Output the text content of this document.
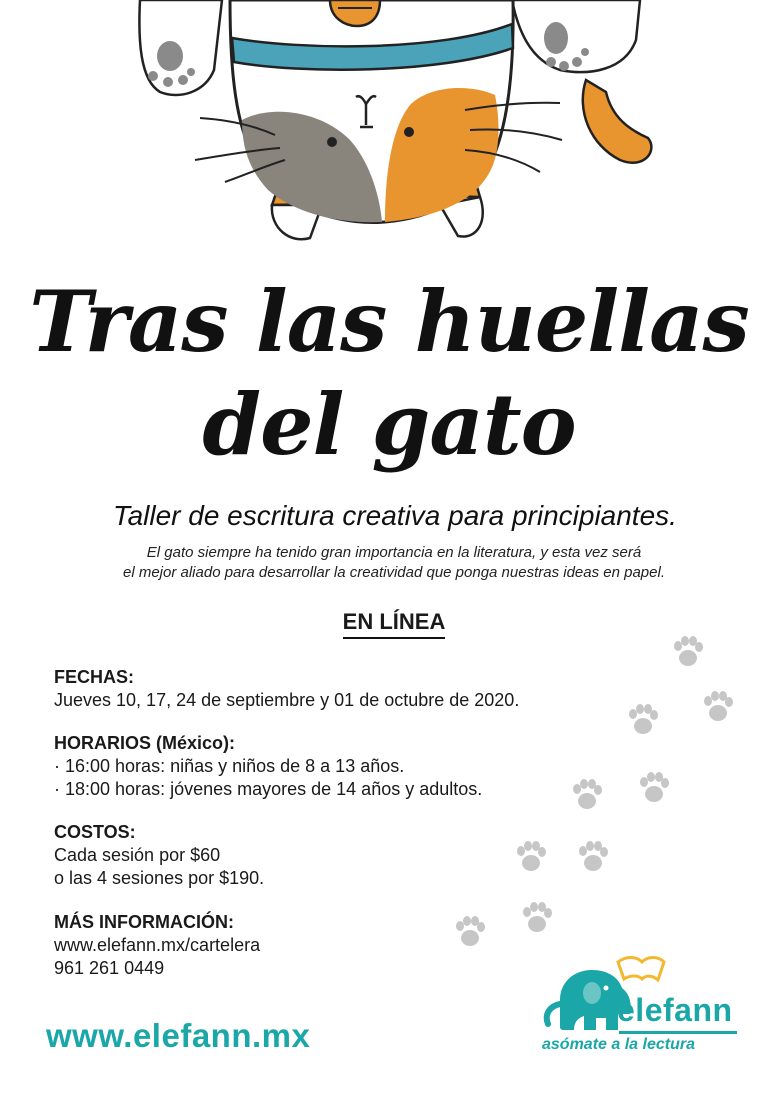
Tras las huellas
del gato

Taller de escritura creativa para principiantes.

El gato siempre ha tenido gran importancia en la literatura, y esta vez será

el mejor aliado para desarrollar la creatividad que ponga nuestras ideas en papel.

EN LÍNEA

FECHAS:
Jueves 10, 17, 24 de septiembre y 01 de octubre de 2020.
HORARIOS (México):
· 16:00 horas: niñas y niños de 8 a 13 años.
· 18:00 horas: jóvenes mayores de 14 años y adultos.
COSTOS:
Cada sesión por $60
o las 4 sesiones por $190.
MÁS INFORMACIÓN:
www.elefann.mx/cartelera
961 261 0449

www.elefann.mx

elefann

asómate a la lectura
